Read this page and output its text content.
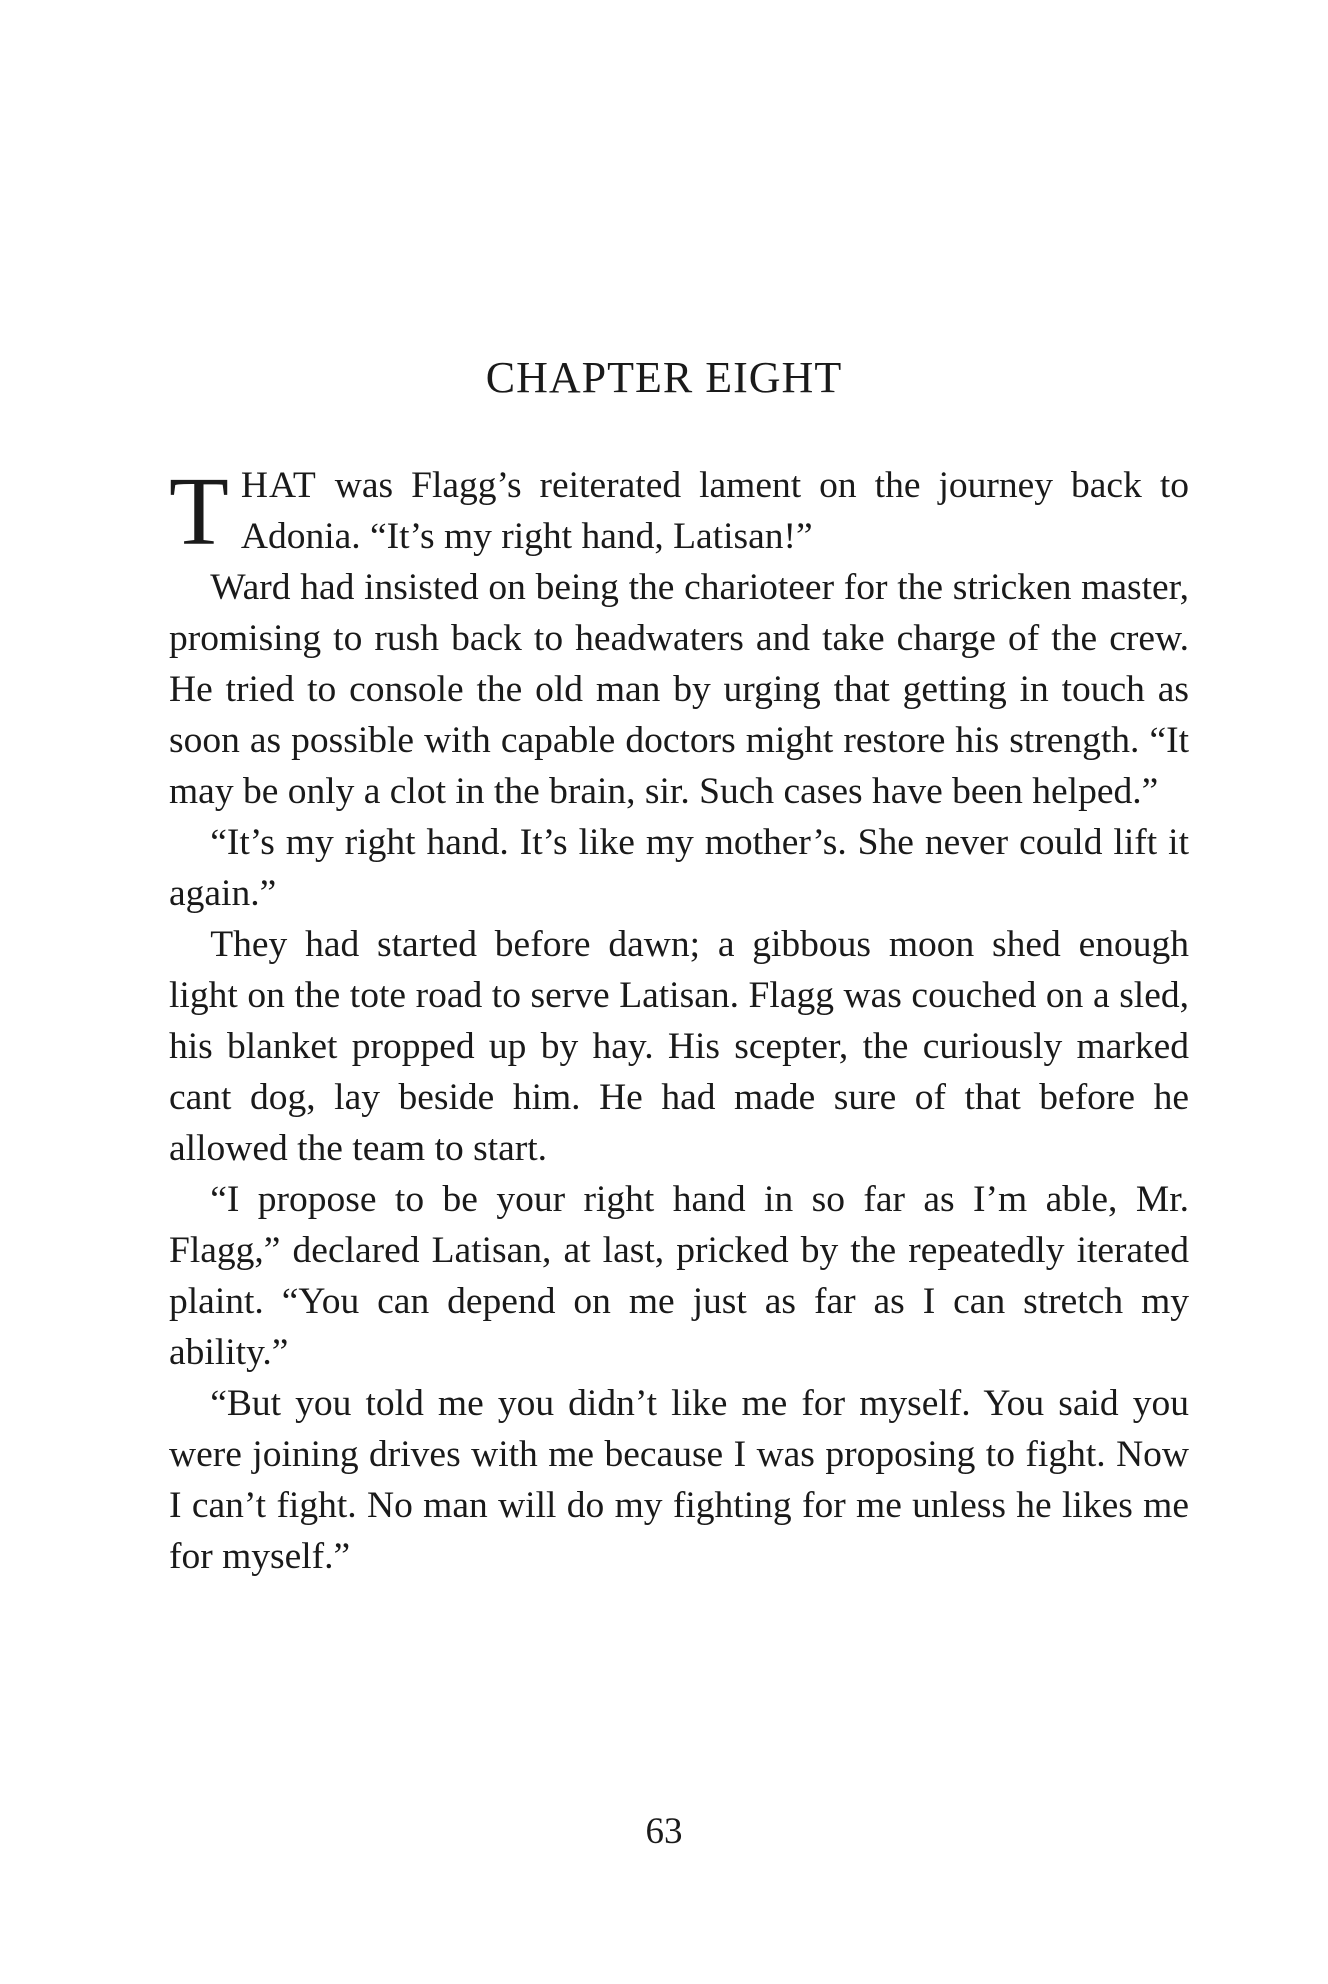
CHAPTER EIGHT

THAT was Flagg’s reiterated lament on the journey back to Adonia. “It’s my right hand, Latisan!”

Ward had insisted on being the charioteer for the stricken master, promising to rush back to headwaters and take charge of the crew. He tried to console the old man by urging that getting in touch as soon as possible with capable doctors might restore his strength. “It may be only a clot in the brain, sir. Such cases have been helped.”

“It’s my right hand. It’s like my mother’s. She never could lift it again.”

They had started before dawn; a gibbous moon shed enough light on the tote road to serve Latisan. Flagg was couched on a sled, his blanket propped up by hay. His scepter, the curiously marked cant dog, lay beside him. He had made sure of that before he allowed the team to start.

“I propose to be your right hand in so far as I’m able, Mr. Flagg,” declared Latisan, at last, pricked by the repeatedly iterated plaint. “You can depend on me just as far as I can stretch my ability.”

“But you told me you didn’t like me for myself. You said you were joining drives with me because I was proposing to fight. Now I can’t fight. No man will do my fighting for me unless he likes me for myself.”

63
